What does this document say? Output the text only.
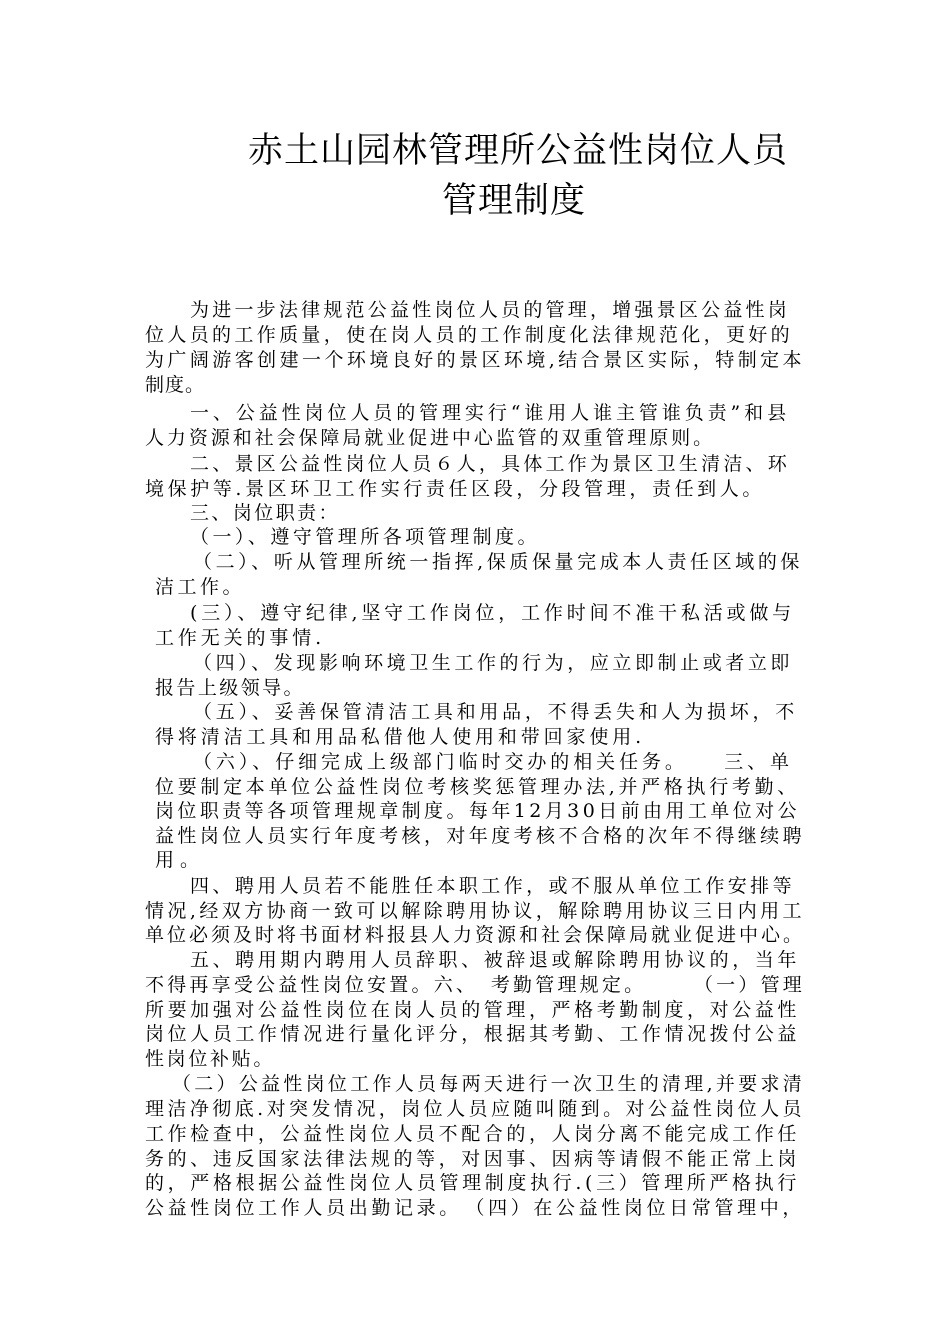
赤土山园林管理所公益性岗位人员
管理制度
为进一步法律规范公益性岗位人员的管理，增强景区公益性岗
位人员的工作质量，使在岗人员的工作制度化法律规范化，更好的
为广阔游客创建一个环境良好的景区环境,结合景区实际，特制定本
制度。
一、公益性岗位人员的管理实行“谁用人谁主管谁负责”和县
人力资源和社会保障局就业促进中心监管的双重管理原则。
二、景区公益性岗位人员６人，具体工作为景区卫生清洁、环
境保护等.景区环卫工作实行责任区段，分段管理，责任到人。
三、岗位职责：
（一）、遵守管理所各项管理制度。
（二）、听从管理所统一指挥,保质保量完成本人责任区域的保
洁工作。
(三）、遵守纪律,坚守工作岗位，工作时间不准干私活或做与
工作无关的事情.
（四）、发现影响环境卫生工作的行为，应立即制止或者立即
报告上级领导。
（五）、妥善保管清洁工具和用品，不得丢失和人为损坏，不
得将清洁工具和用品私借他人使用和带回家使用.
（六）、仔细完成上级部门临时交办的相关任务。　　三、单
位要制定本单位公益性岗位考核奖惩管理办法,并严格执行考勤、
岗位职责等各项管理规章制度。每年12月30日前由用工单位对公
益性岗位人员实行年度考核，对年度考核不合格的次年不得继续聘
用。
四、聘用人员若不能胜任本职工作，或不服从单位工作安排等
情况,经双方协商一致可以解除聘用协议，解除聘用协议三日内用工
单位必须及时将书面材料报县人力资源和社会保障局就业促进中心。
五、聘用期内聘用人员辞职、被辞退或解除聘用协议的，当年
不得再享受公益性岗位安置。六、　考勤管理规定。　　　（一）管理
所要加强对公益性岗位在岗人员的管理，严格考勤制度，对公益性
岗位人员工作情况进行量化评分，根据其考勤、工作情况拨付公益
性岗位补贴。
（二）公益性岗位工作人员每两天进行一次卫生的清理,并要求清
理洁净彻底.对突发情况，岗位人员应随叫随到。对公益性岗位人员
工作检查中，公益性岗位人员不配合的，人岗分离不能完成工作任
务的、违反国家法律法规的等，对因事、因病等请假不能正常上岗
的，严格根据公益性岗位人员管理制度执行.(三）管理所严格执行
公益性岗位工作人员出勤记录。　（四）在公益性岗位日常管理中，
